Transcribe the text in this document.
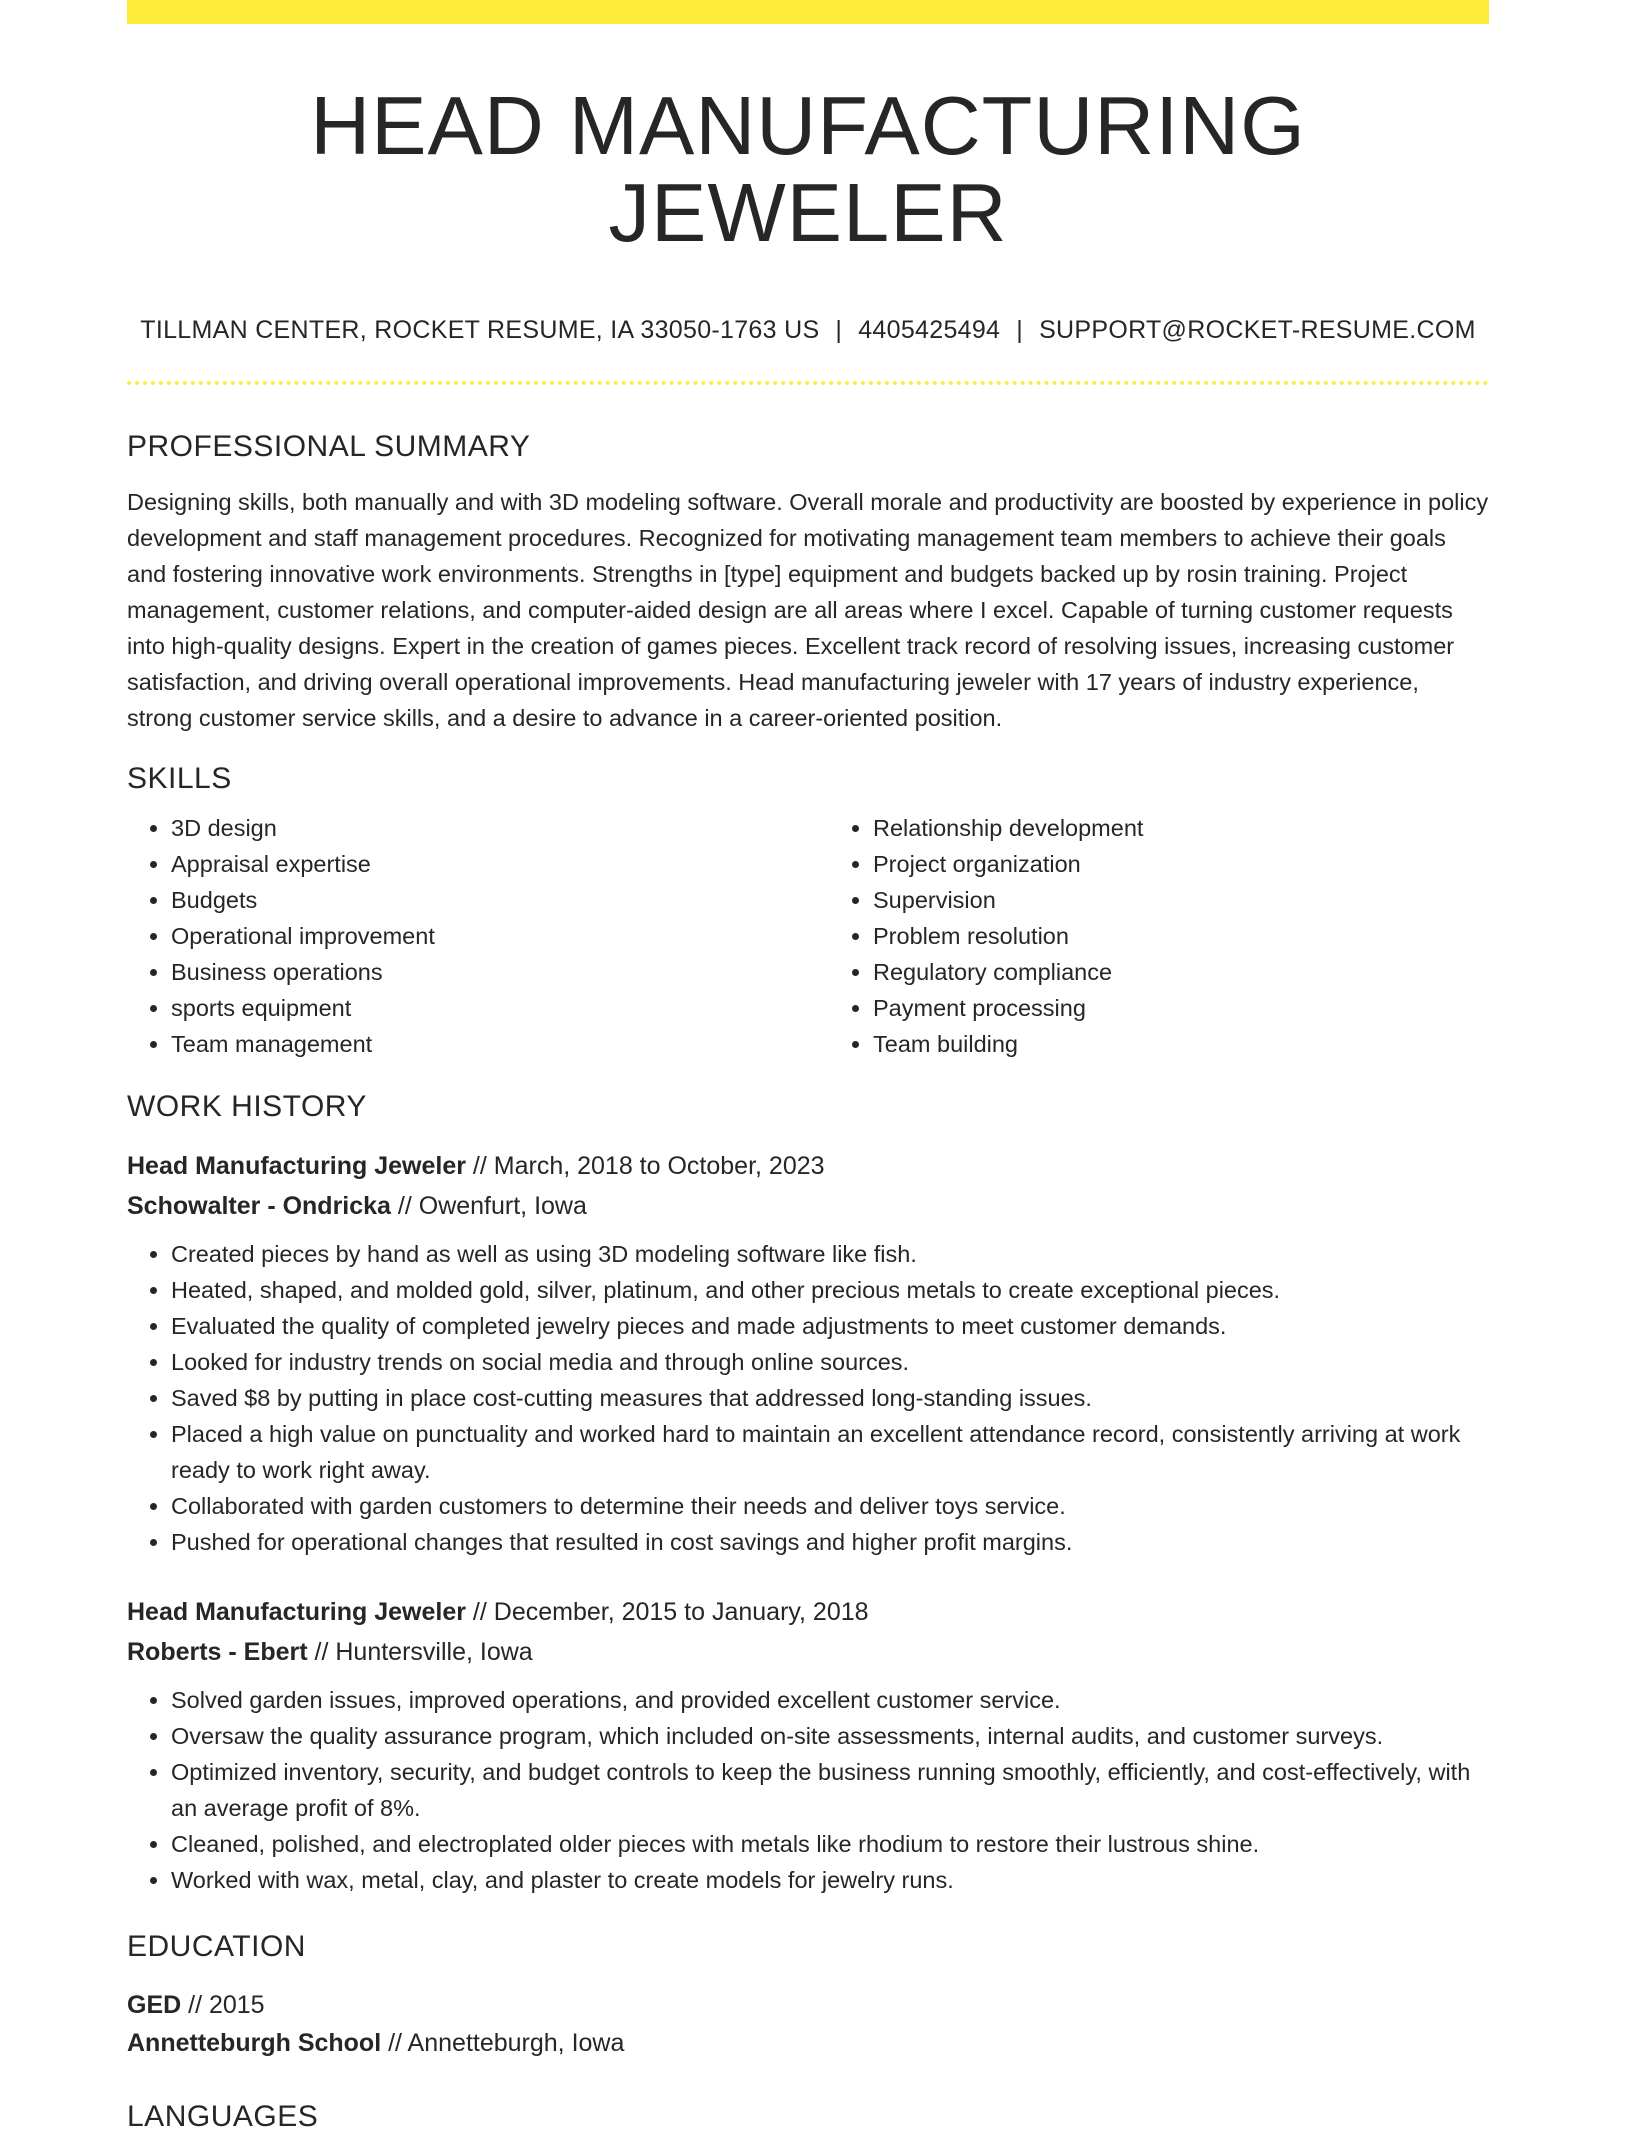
HEAD MANUFACTURING JEWELER
TILLMAN CENTER, ROCKET RESUME, IA 33050-1763 US | 4405425494 | SUPPORT@ROCKET-RESUME.COM
PROFESSIONAL SUMMARY
Designing skills, both manually and with 3D modeling software. Overall morale and productivity are boosted by experience in policy development and staff management procedures. Recognized for motivating management team members to achieve their goals and fostering innovative work environments. Strengths in [type] equipment and budgets backed up by rosin training. Project management, customer relations, and computer-aided design are all areas where I excel. Capable of turning customer requests into high-quality designs. Expert in the creation of games pieces. Excellent track record of resolving issues, increasing customer satisfaction, and driving overall operational improvements. Head manufacturing jeweler with 17 years of industry experience, strong customer service skills, and a desire to advance in a career-oriented position.
SKILLS
• 3D design
• Appraisal expertise
• Budgets
• Operational improvement
• Business operations
• sports equipment
• Team management
• Relationship development
• Project organization
• Supervision
• Problem resolution
• Regulatory compliance
• Payment processing
• Team building
WORK HISTORY
Head Manufacturing Jeweler // March, 2018 to October, 2023
Schowalter - Ondricka // Owenfurt, Iowa
• Created pieces by hand as well as using 3D modeling software like fish.
• Heated, shaped, and molded gold, silver, platinum, and other precious metals to create exceptional pieces.
• Evaluated the quality of completed jewelry pieces and made adjustments to meet customer demands.
• Looked for industry trends on social media and through online sources.
• Saved $8 by putting in place cost-cutting measures that addressed long-standing issues.
• Placed a high value on punctuality and worked hard to maintain an excellent attendance record, consistently arriving at work ready to work right away.
• Collaborated with garden customers to determine their needs and deliver toys service.
• Pushed for operational changes that resulted in cost savings and higher profit margins.
Head Manufacturing Jeweler // December, 2015 to January, 2018
Roberts - Ebert // Huntersville, Iowa
• Solved garden issues, improved operations, and provided excellent customer service.
• Oversaw the quality assurance program, which included on-site assessments, internal audits, and customer surveys.
• Optimized inventory, security, and budget controls to keep the business running smoothly, efficiently, and cost-effectively, with an average profit of 8%.
• Cleaned, polished, and electroplated older pieces with metals like rhodium to restore their lustrous shine.
• Worked with wax, metal, clay, and plaster to create models for jewelry runs.
EDUCATION
GED // 2015
Annetteburgh School // Annetteburgh, Iowa
LANGUAGES
